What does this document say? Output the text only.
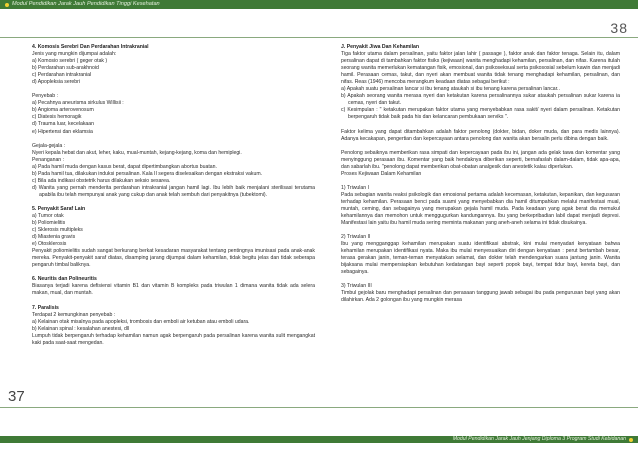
Modul Pendidikan Jarak Jauh Pendidikan Tinggi Kesehatan
38

4. Komosis Serebri Dan Perdarahan Intrakranial

Jenis yang mungkin dijumpai adalah:

a) Komosio serebri ( geger otak )

b) Perdarahan sub-arakhnoid

c) Perdarahan intrakranial

d) Apopleksia serebri

Penyebab :

a) Pecahnya aneurisma sirkulus Willisii :

b) Angioma arterovenosum

c) Diatesis hemoragik

d) Trauma luar, kecelakaan

e) Hipertensi dan eklamsia

Gejala-gejala :

Nyeri kepala hebat dan akut, leher, kaku, mual-muntah, kejang-kejang, koma dan hemiplegi.

Penanganan :

a) Pada hamil muda dengan kasus berat, dapat dipertimbangkan abortus buatan.

b) Pada hamil tua, dilakukan induksi persalinan. Kala II segera diselesaikan dengan ekstraksi vakum.

c) Bila ada indikasi obstetrik harus dilakukan seksio sesarea.

d) Wanita yang pernah menderita perdarahan intrakranial jangan hamil lagi. Ibu lebih baik menjalani sterilisasi terutama apabila ibu telah mempunyai anak yang cukup dan anak telah sembuh dari penyakitnya (tubektomi).

5. Penyakit Saraf Lain

a) Tumor otak

b) Poliomielitis

c) Sklerosis multipleks

d) Miastenia gravis

e) Otosklerosis

Penyakit poliomielitis sudah sangat berkurang berkat kesadaran masyarakat tentang pentingnya imunisasi pada anak-anak mereka. Penyakit-penyakit saraf diatas, disamping jarang dijumpai dalam kehamilan, tidak begitu jelas dan tidak seberapa pengaruh timbal baliknya.

6. Neuritis dan Polineuritis

Biasanya terjadi karena defisiensi vitamin B1 dan vitamin B kompleks pada triwulan 1 dimana wanita tidak ada selera makan, mual, dan muntah.

7. Paralisis

Terdapat 2 kemungkinan penyebab :

a) Kelainan otak misalnya pada apopleksi, trombosis dan emboli air ketuban atau emboli udara.

b) Kelainan spinal : kesalahan anestesi, dll

Lumpuh tidak berpengaruh terhadap kehamilan namun agak berpengaruh pada persalinan karena wanita sulit mengangkat kaki pada saat-saat mengedan.

J. Penyakit Jiwa Dan Kehamilan

Tiga faktor utama dalam persalinan, yaitu faktor jalan lahir ( passage ), faktor anak dan faktor tenaga. Selain itu, dalam persalinan dapat di tambahkan faktor fisiks (kejiwaan) wanita menghadapi kehamilan, persalinan, dan nifas. Karena itulah seorang wanita memerlukan kematangan fisik, emosional, dan psikoseksual serta psikososial sebelum kawin dan menjadi hamil. Perasaan cemas, takut, dan nyeri akan membuat wanita tidak tenang menghadapi kehamilan, persalinan, dan nifas. Reas (1946) mencoba merangkum keadaan diatas sebagai berikut :

a) Apakah suatu persalinan lancar si ibu tenang ataukah si ibu tenang karena persalinan lancar..

b) Apakah seorang wanita merasa nyeri dan ketakutan karena persalinannya sukar ataukah persalinan sukar karena ia cemas, nyeri dan takut.

c) Kesimpulan : " ketakutan merupakan faktor utama yang menyebabkan rasa sakit/ nyeri dalam persalinan. Ketakutan berpengaruh tidak baik pada his dan kelancaran pembukaan serviks ".

Faktor kelima yang dapat ditambahkan adalah faktor penolong (dokter, bidan, doker muda, dan para medis lainnya). Adanya kecakapan, pengertian dan kepercayaan antara penolong dan wanita akan bersalin perlu dibina dengan baik.

Penolong sebaiknya memberikan rasa simpati dan kepercayaan pada ibu ini, jangan ada gelak tawa dan komentar yang menyinggung perasaan ibu. Komentar yang baik hendaknya diberikan seperti, bernafaslah dalam-dalam, tidak apa-apa, dan sabarlah ibu. "penolong dapat memberikan obat-obatan analgesik dan anestetik kalau diperlukan.

Proses Kejiwaan Dalam Kehamilan

1) Triwulan I

Pada sebagian wanita reaksi psikologik dan emosional pertama adalah kecemasan, ketakutan, kepanikan, dan kegusaran terhadap kehamilan. Perasaan benci pada suami yang menyebabkan dia hamil ditumpahkan melalui manifestasi mual, muntah, ceming, dan sebagainya yang merupakan gejala hamil muda. Pada keadaan yang agak berat dia memukul kehamilannya dan memohon untuk menggugurkan kandungannya. Ibu yang berkepribadian labil dapat menjadi depresi. Manifestasi lain yaitu ibu hamil muda sering meminta makanan yang aneh-aneh selama ini tidak disukainya.

2) Triwulan II

Ibu yang mengganggap kehamilan merupakan suatu identifikasi abstrak, kini mulai menyadari kenyataan bahwa kehamilan merupakan identifikasi nyata. Maka ibu mulai menyesuaikan diri dengan kenyataan : perut bertambah besar, terasa gerakan janin, teman-teman menyatakan selamat, dan dokter telah mendengarkan suara jantung janin. Wanita bijaksana mulai mempersiapkan kebutuhan kedatangan bayi seperti popok bayi, tempat tidur bayi, kereta bayi, dan sebagainya.

3) Triwulan III

Timbul gejolak baru menghadapi persalinan dan perasaan tanggung jawab sebagai ibu pada pengurusan bayi yang akan dilahirkan. Ada 2 golongan ibu yang mungkin merasa

37
Modul Pendidikan Jarak Jauh Jenjang Diploma 3 Program Studi Kebidanan
